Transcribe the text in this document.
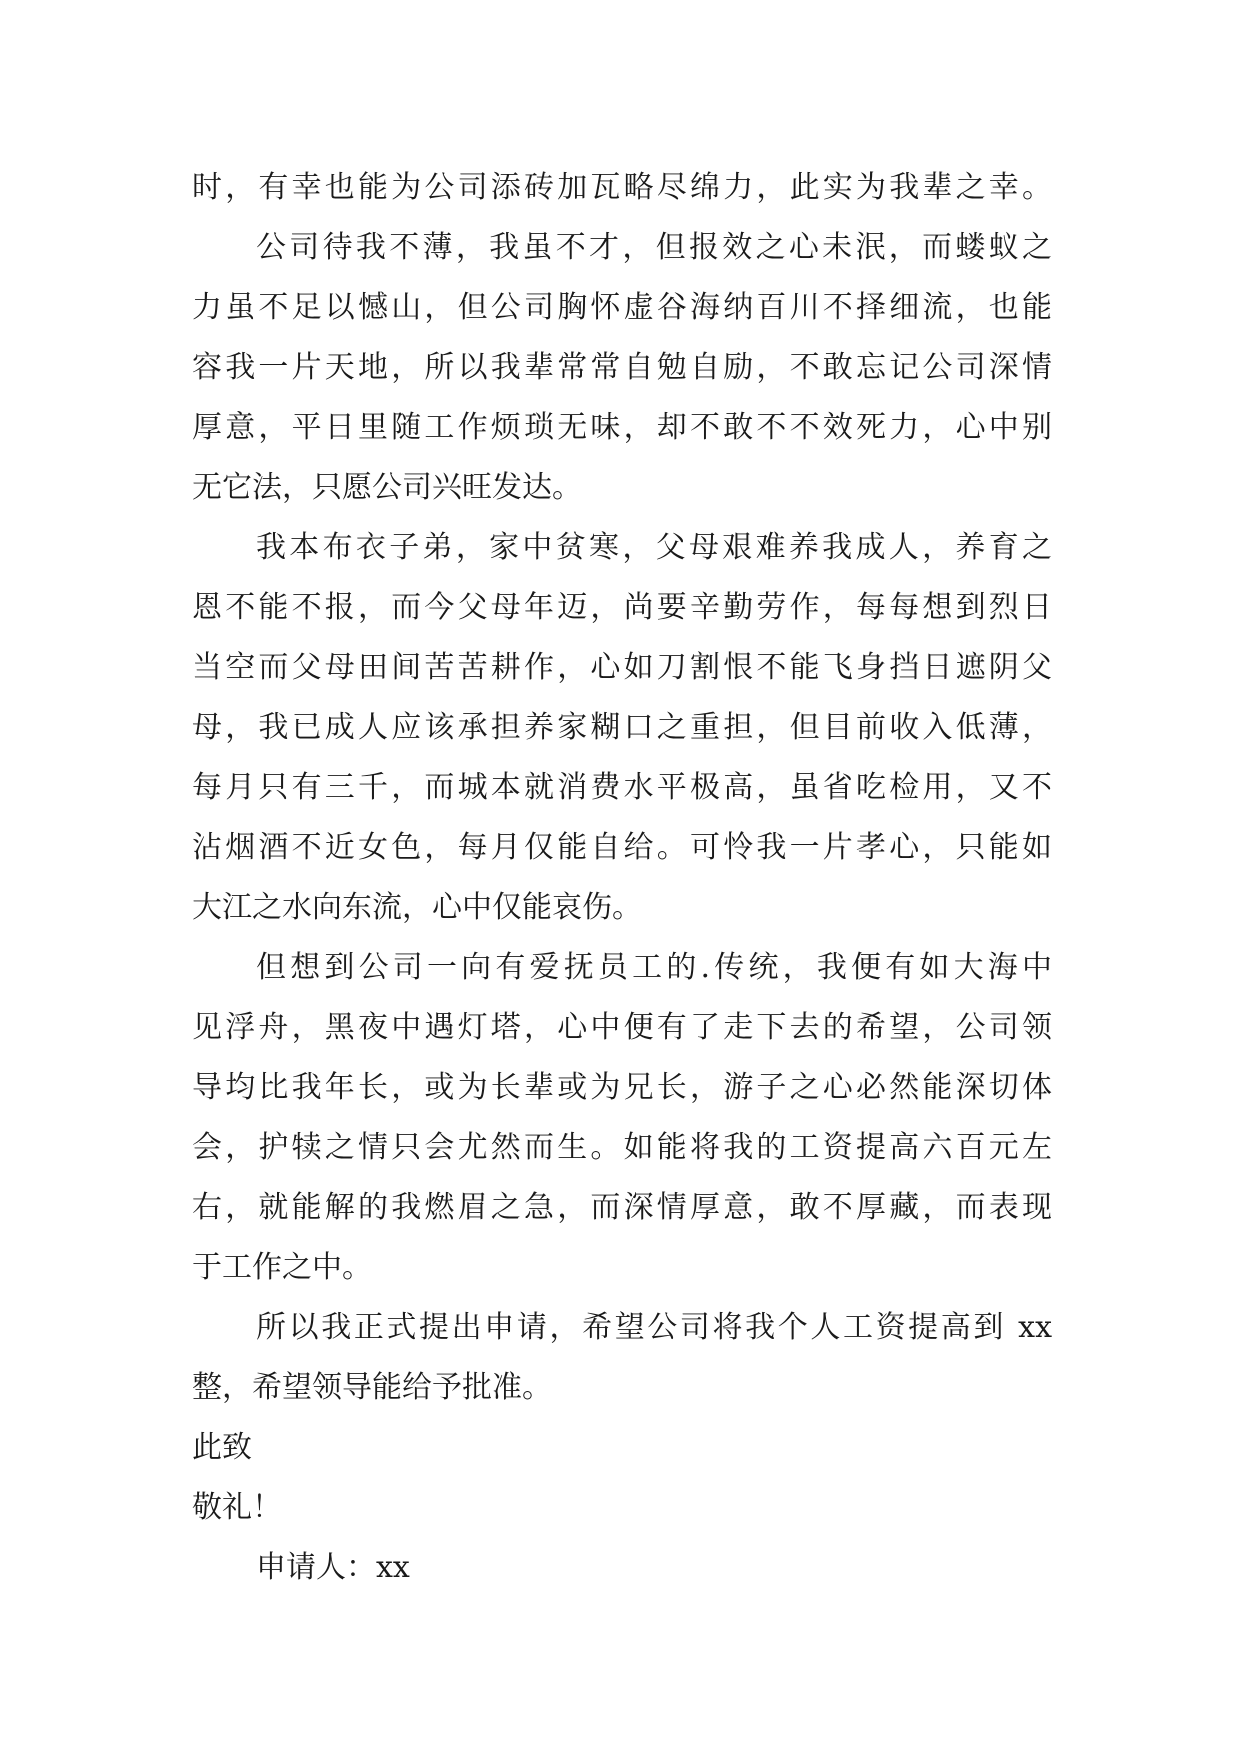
时，有幸也能为公司添砖加瓦略尽绵力，此实为我辈之幸。
公司待我不薄，我虽不才，但报效之心未泯，而蝼蚁之
力虽不足以憾山，但公司胸怀虚谷海纳百川不择细流，也能
容我一片天地，所以我辈常常自勉自励，不敢忘记公司深情
厚意，平日里随工作烦琐无味，却不敢不不效死力，心中别
无它法，只愿公司兴旺发达。
我本布衣子弟，家中贫寒，父母艰难养我成人，养育之
恩不能不报，而今父母年迈，尚要辛勤劳作，每每想到烈日
当空而父母田间苦苦耕作，心如刀割恨不能飞身挡日遮阴父
母，我已成人应该承担养家糊口之重担，但目前收入低薄，
每月只有三千，而城本就消费水平极高，虽省吃检用，又不
沾烟酒不近女色，每月仅能自给。可怜我一片孝心，只能如
大江之水向东流，心中仅能哀伤。
但想到公司一向有爱抚员工的.传统，我便有如大海中
见浮舟，黑夜中遇灯塔，心中便有了走下去的希望，公司领
导均比我年长，或为长辈或为兄长，游子之心必然能深切体
会，护犊之情只会尤然而生。如能将我的工资提高六百元左
右，就能解的我燃眉之急，而深情厚意，敢不厚藏，而表现
于工作之中。
所以我正式提出申请，希望公司将我个人工资提高到 xx
整，希望领导能给予批准。
此致
敬礼！
申请人：xx
